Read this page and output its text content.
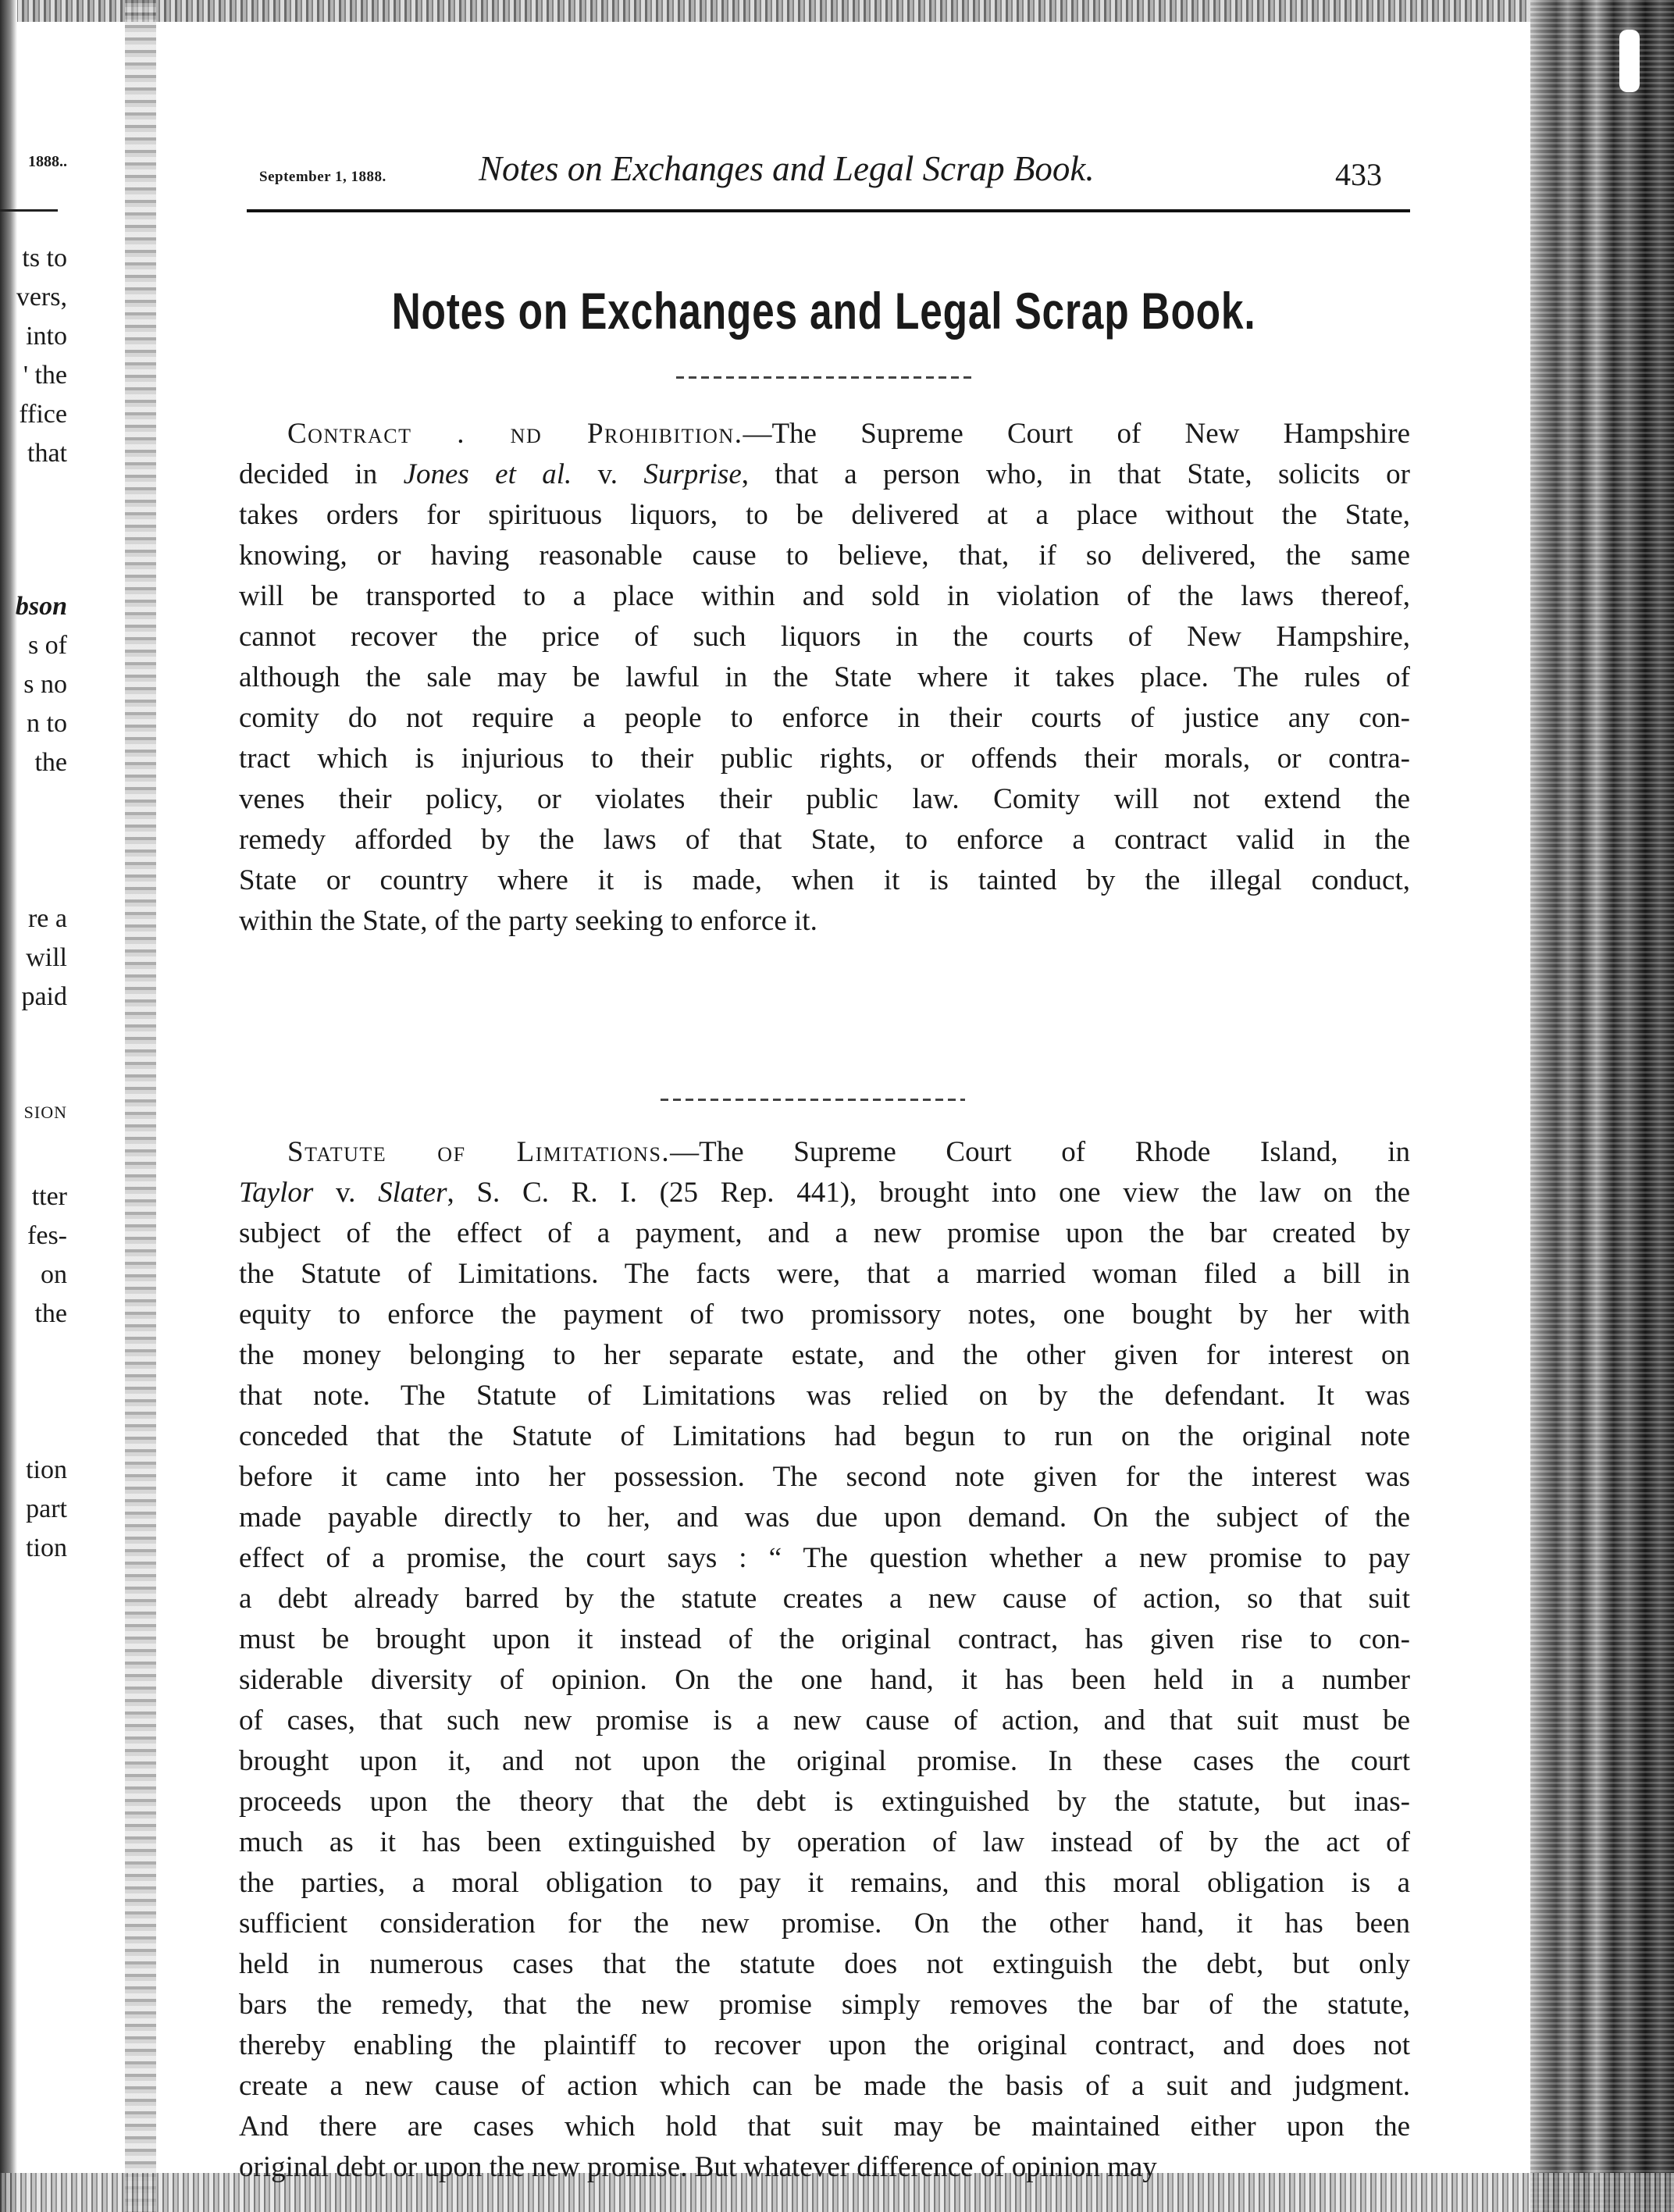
1888..
ts to
vers,
into
' the
ffice
that
bson
s of
s no
n to
the
re a
will
paid
SION
tter
fes-
on
the
tion
part
tion
September 1, 1888.	Notes on Exchanges and Legal Scrap Book.	433
Notes on Exchanges and Legal Scrap Book.
Contract . nd Prohibition.—The Supreme Court of New Hampshire
decided in Jones et al. v. Surprise, that a person who, in that State, solicits or
takes orders for spirituous liquors, to be delivered at a place without the State,
knowing, or having reasonable cause to believe, that, if so delivered, the same
will be transported to a place within and sold in violation of the laws thereof,
cannot recover the price of such liquors in the courts of New Hampshire,
although the sale may be lawful in the State where it takes place. The rules of
comity do not require a people to enforce in their courts of justice any con-
tract which is injurious to their public rights, or offends their morals, or contra-
venes their policy, or violates their public law. Comity will not extend the
remedy afforded by the laws of that State, to enforce a contract valid in the
State or country where it is made, when it is tainted by the illegal conduct,
within the State, of the party seeking to enforce it.
Statute of Limitations.—The Supreme Court of Rhode Island, in
Taylor v. Slater, S. C. R. I. (25 Rep. 441), brought into one view the law on the
subject of the effect of a payment, and a new promise upon the bar created by
the Statute of Limitations. The facts were, that a married woman filed a bill in
equity to enforce the payment of two promissory notes, one bought by her with
the money belonging to her separate estate, and the other given for interest on
that note. The Statute of Limitations was relied on by the defendant. It was
conceded that the Statute of Limitations had begun to run on the original note
before it came into her possession. The second note given for the interest was
made payable directly to her, and was due upon demand. On the subject of the
effect of a promise, the court says : “ The question whether a new promise to pay
a debt already barred by the statute creates a new cause of action, so that suit
must be brought upon it instead of the original contract, has given rise to con-
siderable diversity of opinion. On the one hand, it has been held in a number
of cases, that such new promise is a new cause of action, and that suit must be
brought upon it, and not upon the original promise. In these cases the court
proceeds upon the theory that the debt is extinguished by the statute, but inas-
much as it has been extinguished by operation of law instead of by the act of
the parties, a moral obligation to pay it remains, and this moral obligation is a
sufficient consideration for the new promise. On the other hand, it has been
held in numerous cases that the statute does not extinguish the debt, but only
bars the remedy, that the new promise simply removes the bar of the statute,
thereby enabling the plaintiff to recover upon the original contract, and does not
create a new cause of action which can be made the basis of a suit and judgment.
And there are cases which hold that suit may be maintained either upon the
original debt or upon the new promise. But whatever difference of opinion may
